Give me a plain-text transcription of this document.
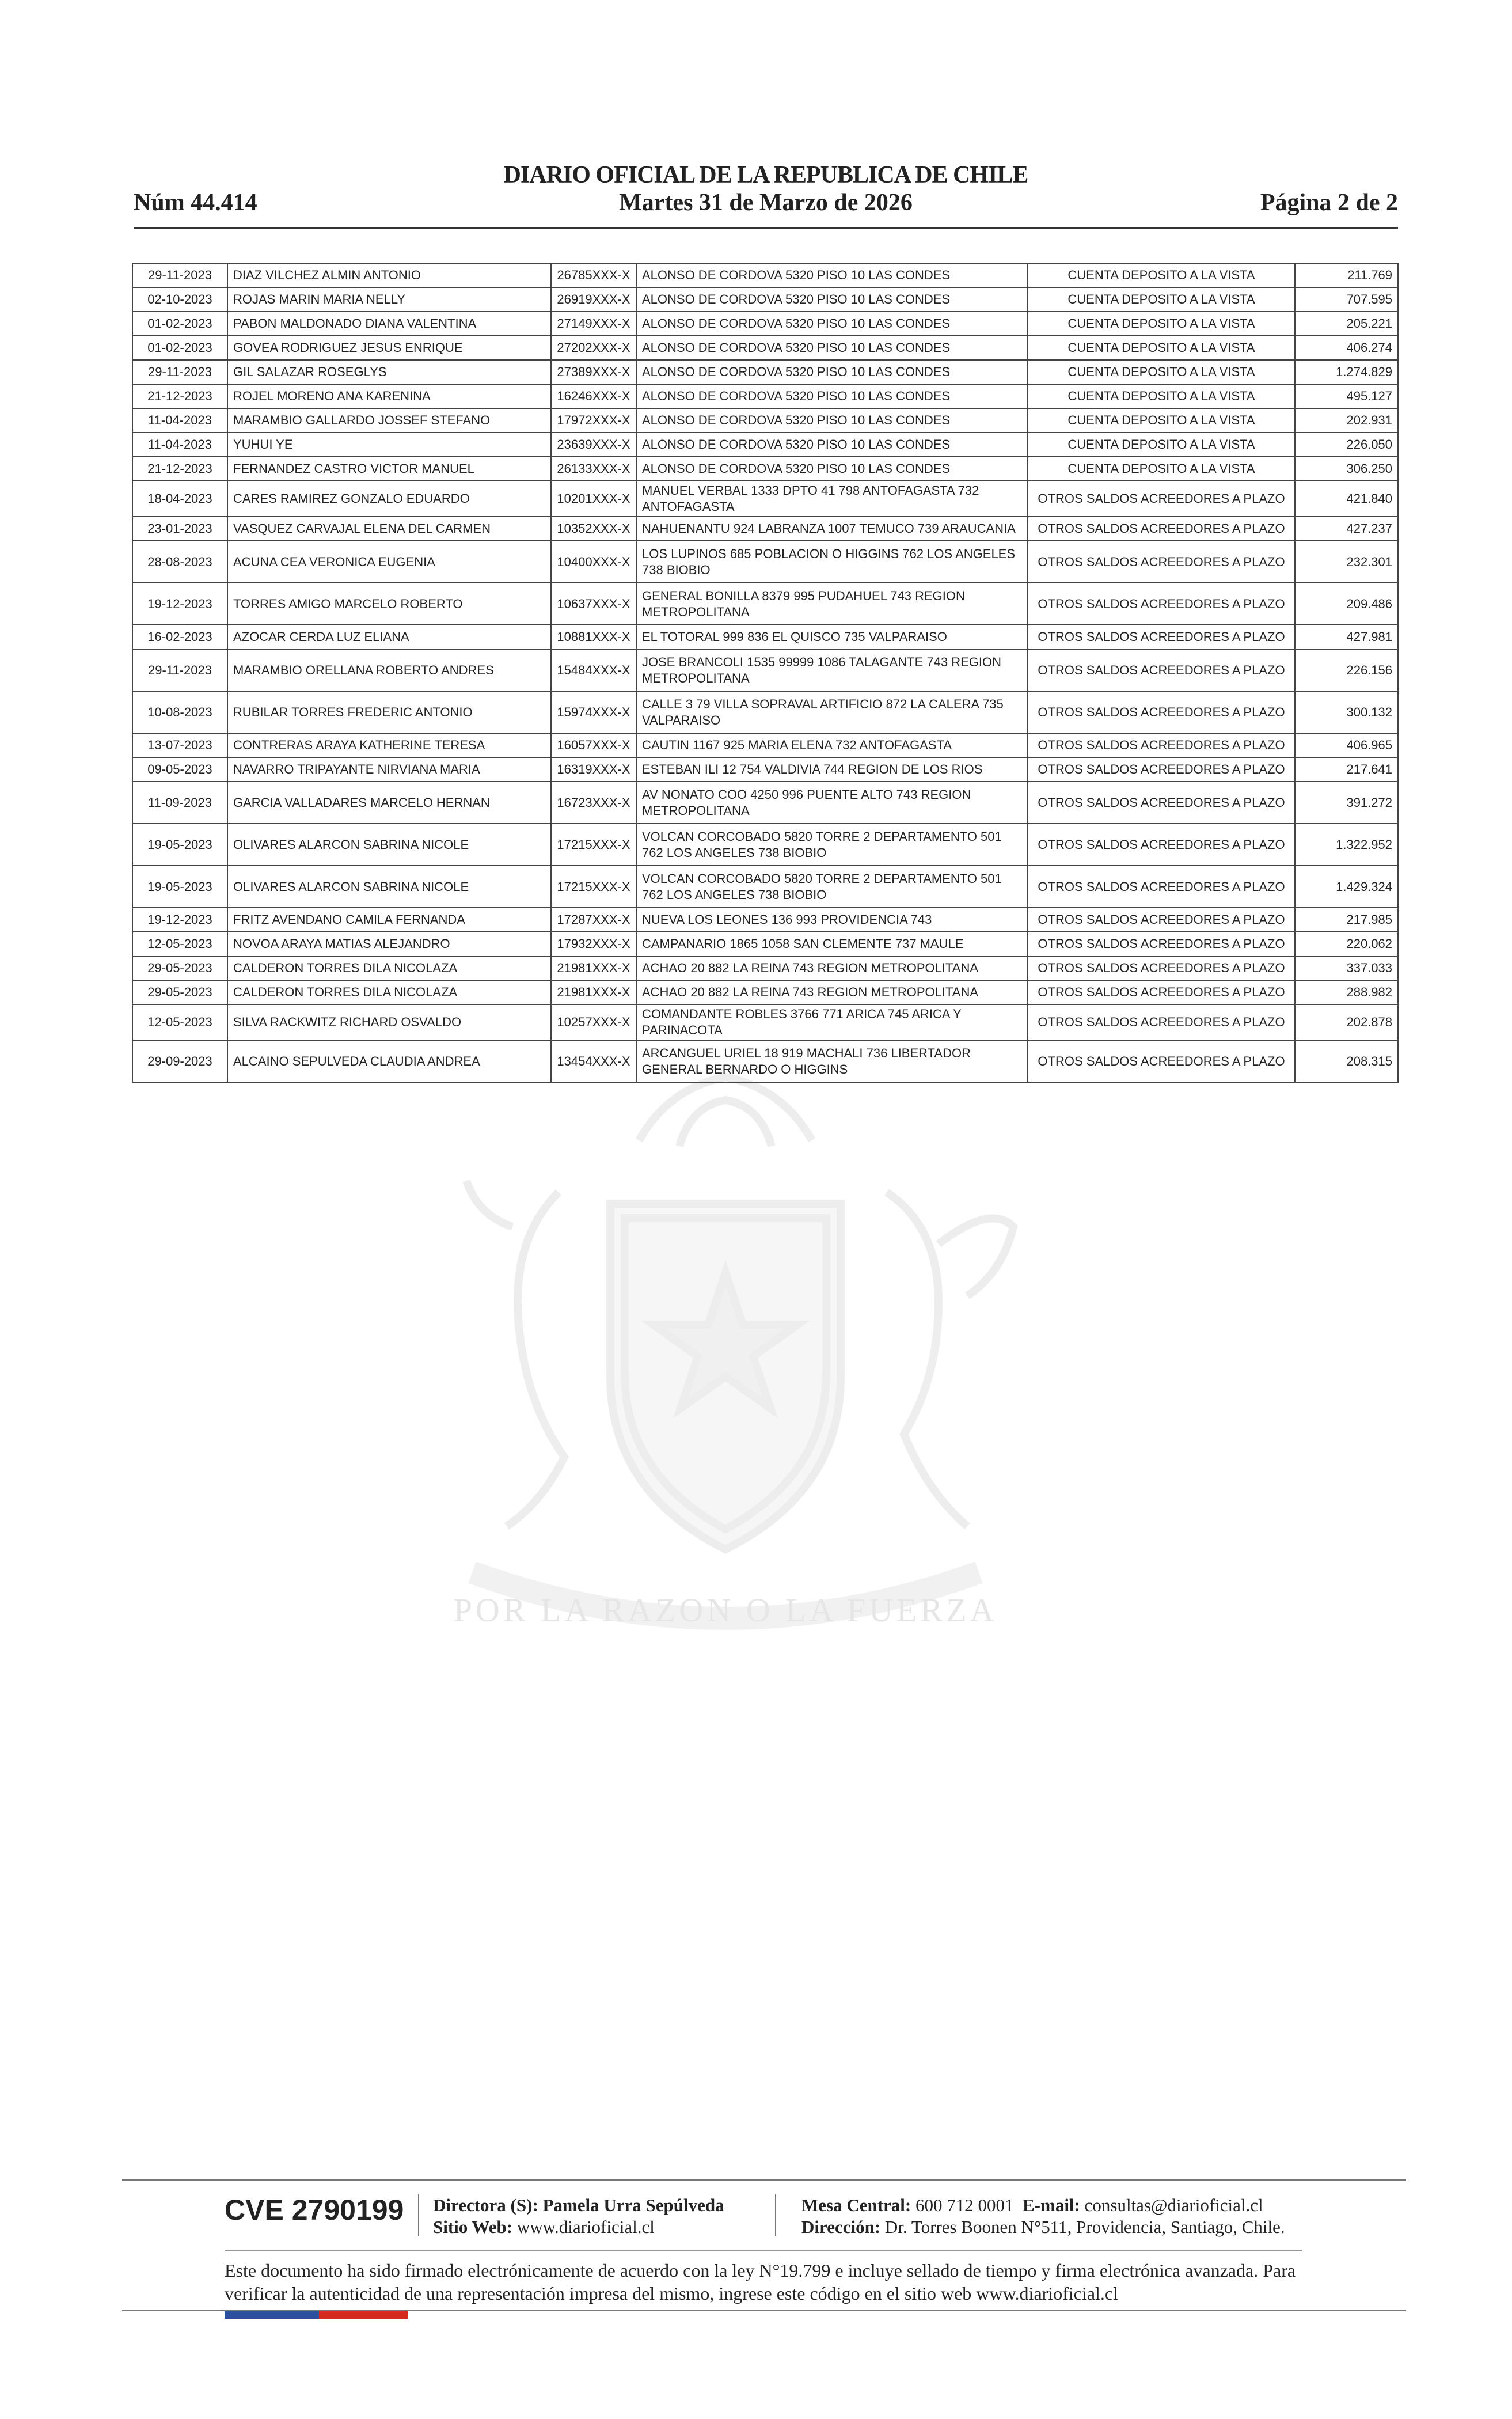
DIARIO OFICIAL DE LA REPUBLICA DE CHILE
Núm 44.414	Martes 31 de Marzo de 2026	Página 2 de 2
POR LA RAZON O LA FUERZA
29-11-2023	DIAZ VILCHEZ ALMIN ANTONIO	26785XXX-X	ALONSO DE CORDOVA 5320 PISO 10 LAS CONDES	CUENTA DEPOSITO A LA VISTA	211.769
02-10-2023	ROJAS MARIN MARIA NELLY	26919XXX-X	ALONSO DE CORDOVA 5320 PISO 10 LAS CONDES	CUENTA DEPOSITO A LA VISTA	707.595
01-02-2023	PABON MALDONADO DIANA VALENTINA	27149XXX-X	ALONSO DE CORDOVA 5320 PISO 10 LAS CONDES	CUENTA DEPOSITO A LA VISTA	205.221
01-02-2023	GOVEA RODRIGUEZ JESUS ENRIQUE	27202XXX-X	ALONSO DE CORDOVA 5320 PISO 10 LAS CONDES	CUENTA DEPOSITO A LA VISTA	406.274
29-11-2023	GIL SALAZAR ROSEGLYS	27389XXX-X	ALONSO DE CORDOVA 5320 PISO 10 LAS CONDES	CUENTA DEPOSITO A LA VISTA	1.274.829
21-12-2023	ROJEL MORENO ANA KARENINA	16246XXX-X	ALONSO DE CORDOVA 5320 PISO 10 LAS CONDES	CUENTA DEPOSITO A LA VISTA	495.127
11-04-2023	MARAMBIO GALLARDO JOSSEF STEFANO	17972XXX-X	ALONSO DE CORDOVA 5320 PISO 10 LAS CONDES	CUENTA DEPOSITO A LA VISTA	202.931
11-04-2023	YUHUI YE	23639XXX-X	ALONSO DE CORDOVA 5320 PISO 10 LAS CONDES	CUENTA DEPOSITO A LA VISTA	226.050
21-12-2023	FERNANDEZ CASTRO VICTOR MANUEL	26133XXX-X	ALONSO DE CORDOVA 5320 PISO 10 LAS CONDES	CUENTA DEPOSITO A LA VISTA	306.250
18-04-2023	CARES RAMIREZ GONZALO EDUARDO	10201XXX-X	MANUEL VERBAL 1333 DPTO 41 798 ANTOFAGASTA 732 ANTOFAGASTA	OTROS SALDOS ACREEDORES A PLAZO	421.840
23-01-2023	VASQUEZ CARVAJAL ELENA DEL CARMEN	10352XXX-X	NAHUENANTU 924 LABRANZA 1007 TEMUCO 739 ARAUCANIA	OTROS SALDOS ACREEDORES A PLAZO	427.237
28-08-2023	ACUNA CEA VERONICA EUGENIA	10400XXX-X	LOS LUPINOS 685 POBLACION O HIGGINS 762 LOS ANGELES 738 BIOBIO	OTROS SALDOS ACREEDORES A PLAZO	232.301
19-12-2023	TORRES AMIGO MARCELO ROBERTO	10637XXX-X	GENERAL BONILLA 8379 995 PUDAHUEL 743 REGION METROPOLITANA	OTROS SALDOS ACREEDORES A PLAZO	209.486
16-02-2023	AZOCAR CERDA LUZ ELIANA	10881XXX-X	EL TOTORAL 999 836 EL QUISCO 735 VALPARAISO	OTROS SALDOS ACREEDORES A PLAZO	427.981
29-11-2023	MARAMBIO ORELLANA ROBERTO ANDRES	15484XXX-X	JOSE BRANCOLI 1535 99999 1086 TALAGANTE 743 REGION METROPOLITANA	OTROS SALDOS ACREEDORES A PLAZO	226.156
10-08-2023	RUBILAR TORRES FREDERIC ANTONIO	15974XXX-X	CALLE 3 79 VILLA SOPRAVAL ARTIFICIO 872 LA CALERA 735 VALPARAISO	OTROS SALDOS ACREEDORES A PLAZO	300.132
13-07-2023	CONTRERAS ARAYA KATHERINE TERESA	16057XXX-X	CAUTIN 1167 925 MARIA ELENA 732 ANTOFAGASTA	OTROS SALDOS ACREEDORES A PLAZO	406.965
09-05-2023	NAVARRO TRIPAYANTE NIRVIANA MARIA	16319XXX-X	ESTEBAN ILI 12 754 VALDIVIA 744 REGION DE LOS RIOS	OTROS SALDOS ACREEDORES A PLAZO	217.641
11-09-2023	GARCIA VALLADARES MARCELO HERNAN	16723XXX-X	AV NONATO COO 4250 996 PUENTE ALTO 743 REGION METROPOLITANA	OTROS SALDOS ACREEDORES A PLAZO	391.272
19-05-2023	OLIVARES ALARCON SABRINA NICOLE	17215XXX-X	VOLCAN CORCOBADO 5820 TORRE 2 DEPARTAMENTO 501 762 LOS ANGELES 738 BIOBIO	OTROS SALDOS ACREEDORES A PLAZO	1.322.952
19-05-2023	OLIVARES ALARCON SABRINA NICOLE	17215XXX-X	VOLCAN CORCOBADO 5820 TORRE 2 DEPARTAMENTO 501 762 LOS ANGELES 738 BIOBIO	OTROS SALDOS ACREEDORES A PLAZO	1.429.324
19-12-2023	FRITZ AVENDANO CAMILA FERNANDA	17287XXX-X	NUEVA LOS LEONES 136 993 PROVIDENCIA 743	OTROS SALDOS ACREEDORES A PLAZO	217.985
12-05-2023	NOVOA ARAYA MATIAS ALEJANDRO	17932XXX-X	CAMPANARIO 1865 1058 SAN CLEMENTE 737 MAULE	OTROS SALDOS ACREEDORES A PLAZO	220.062
29-05-2023	CALDERON TORRES DILA NICOLAZA	21981XXX-X	ACHAO 20 882 LA REINA 743 REGION METROPOLITANA	OTROS SALDOS ACREEDORES A PLAZO	337.033
29-05-2023	CALDERON TORRES DILA NICOLAZA	21981XXX-X	ACHAO 20 882 LA REINA 743 REGION METROPOLITANA	OTROS SALDOS ACREEDORES A PLAZO	288.982
12-05-2023	SILVA RACKWITZ RICHARD OSVALDO	10257XXX-X	COMANDANTE ROBLES 3766 771 ARICA 745 ARICA Y PARINACOTA	OTROS SALDOS ACREEDORES A PLAZO	202.878
29-09-2023	ALCAINO SEPULVEDA CLAUDIA ANDREA	13454XXX-X	ARCANGUEL URIEL 18 919 MACHALI 736 LIBERTADOR GENERAL BERNARDO O HIGGINS	OTROS SALDOS ACREEDORES A PLAZO	208.315
CVE 2790199 Directora (S): Pamela Urra Sepúlveda
Sitio Web: www.diarioficial.cl
Mesa Central: 600 712 0001 E-mail: consultas@diarioficial.cl
Dirección: Dr. Torres Boonen N°511, Providencia, Santiago, Chile.
Este documento ha sido firmado electrónicamente de acuerdo con la ley N°19.799 e incluye sellado de tiempo y firma electrónica avanzada. Para verificar la autenticidad de una representación impresa del mismo, ingrese este código en el sitio web www.diarioficial.cl
